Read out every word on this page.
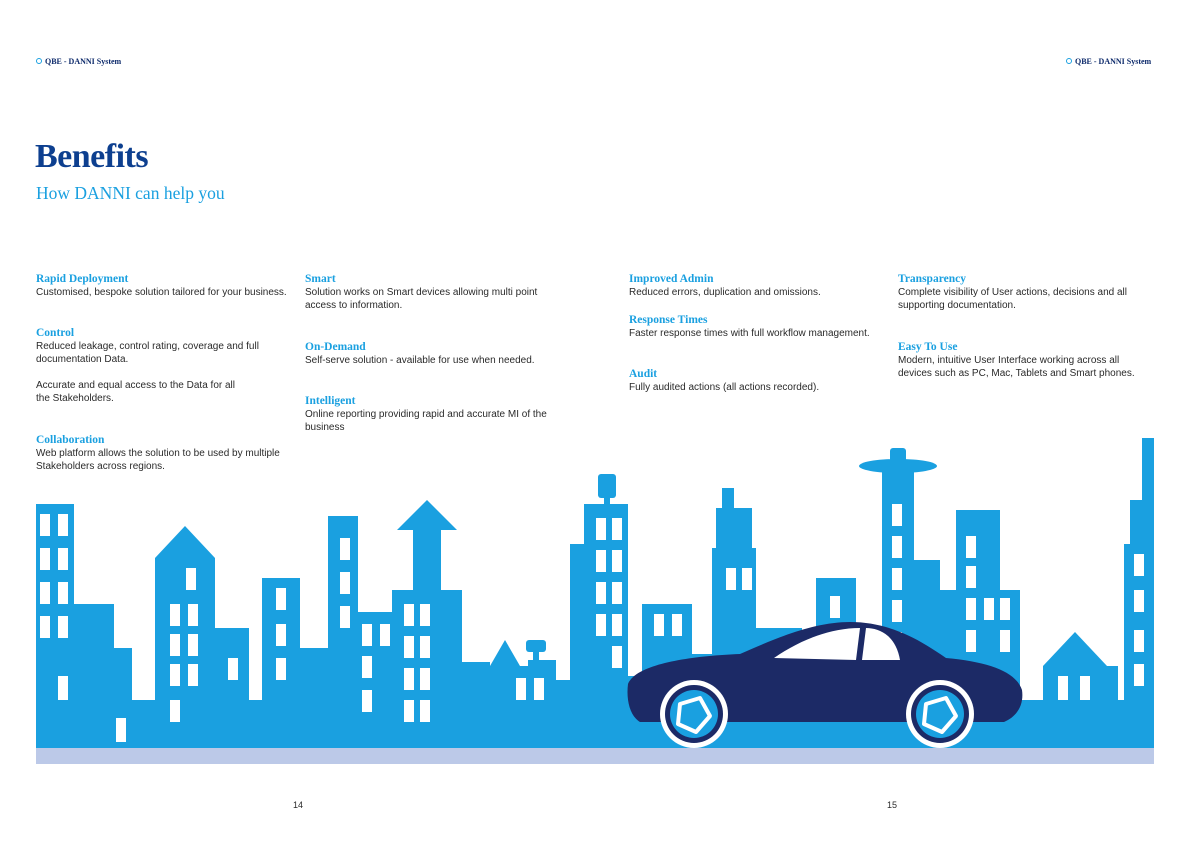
QBE - DANNI System	QBE - DANNI System
Benefits
How DANNI can help you
Rapid Deployment
Customised, bespoke solution tailored for your business.
Control
Reduced leakage, control rating, coverage and full documentation Data.
Accurate and equal access to the Data for all the Stakeholders.
Collaboration
Web platform allows the solution to be used by multiple Stakeholders across regions.
Smart
Solution works on Smart devices allowing multi point access to information.
On-Demand
Self-serve solution - available for use when needed.
Intelligent
Online reporting providing rapid and accurate MI of the business
Improved Admin
Reduced errors, duplication and omissions.
Response Times
Faster response times with full workflow management.
Audit
Fully audited actions (all actions recorded).
Transparency
Complete visibility of User actions, decisions and all supporting documentation.
Easy To Use
Modern, intuitive User Interface working across all devices such as PC, Mac, Tablets and Smart phones.
14	15
